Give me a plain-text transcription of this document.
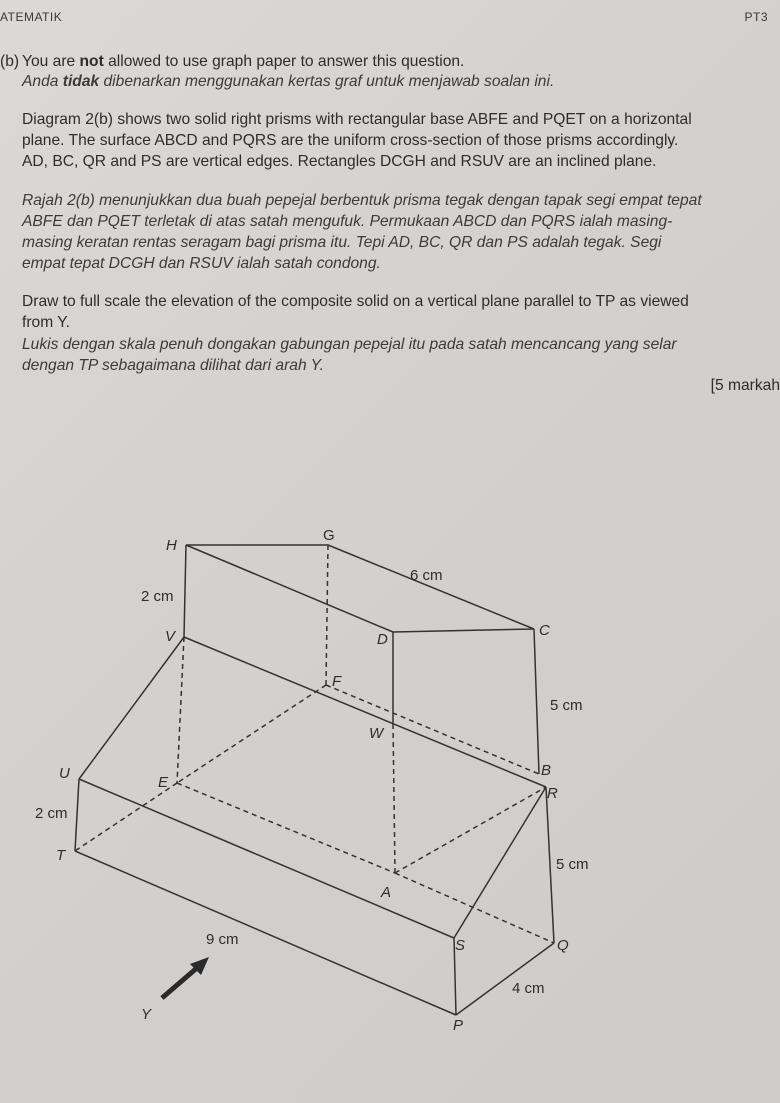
ATEMATIK	PT3
(b) You are not allowed to use graph paper to answer this question.
Anda tidak dibenarkan menggunakan kertas graf untuk menjawab soalan ini.
Diagram 2(b) shows two solid right prisms with rectangular base ABFE and PQET on a horizontal
plane. The surface ABCD and PQRS are the uniform cross-section of those prisms accordingly.
AD, BC, QR and PS are vertical edges. Rectangles DCGH and RSUV are an inclined plane.
Rajah 2(b) menunjukkan dua buah pepejal berbentuk prisma tegak dengan tapak segi empat tepat
ABFE dan PQET terletak di atas satah mengufuk. Permukaan ABCD dan PQRS ialah masing-
masing keratan rentas seragam bagi prisma itu. Tepi AD, BC, QR dan PS adalah tegak. Segi
empat tepat DCGH dan RSUV ialah satah condong.
Draw to full scale the elevation of the composite solid on a vertical plane parallel to TP as viewed
from Y.
Lukis dengan skala penuh dongakan gabungan pepejal itu pada satah mencancang yang selar
dengan TP sebagaimana dilihat dari arah Y.
[5 markah
H
G
C
D
V
F
W
B
R
U
E
T
A
S	Q
P
6 cm
2 cm
5 cm
2 cm
5 cm
9 cm
4 cm
Y
